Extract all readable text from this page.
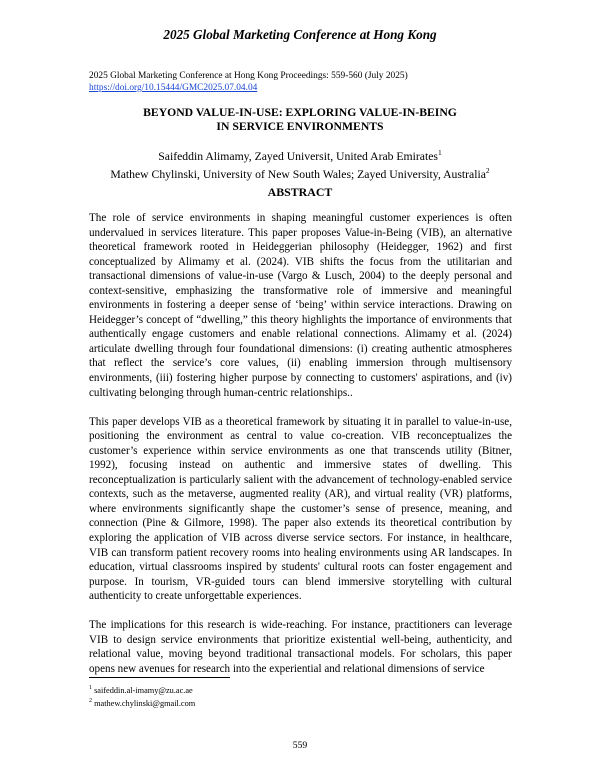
2025 Global Marketing Conference at Hong Kong
2025 Global Marketing Conference at Hong Kong Proceedings: 559-560 (July 2025)
https://doi.org/10.15444/GMC2025.07.04.04
BEYOND VALUE-IN-USE: EXPLORING VALUE-IN-BEING
IN SERVICE ENVIRONMENTS
Saifeddin Alimamy, Zayed Universit, United Arab Emirates$^1$
Mathew Chylinski, University of New South Wales; Zayed University, Australia$^2$
ABSTRACT

The role of service environments in shaping meaningful customer experiences is often undervalued in services literature. This paper proposes Value-in-Being (VIB), an alternative theoretical framework rooted in Heideggerian philosophy (Heidegger, 1962) and first conceptualized by Alimamy et al. (2024). VIB shifts the focus from the utilitarian and transactional dimensions of value-in-use (Vargo & Lusch, 2004) to the deeply personal and context-sensitive, emphasizing the transformative role of immersive and meaningful environments in fostering a deeper sense of ‘being’ within service interactions. Drawing on Heidegger’s concept of “dwelling,” this theory highlights the importance of environments that authentically engage customers and enable relational connections. Alimamy et al. (2024) articulate dwelling through four foundational dimensions: (i) creating authentic atmospheres that reflect the service’s core values, (ii) enabling immersion through multisensory environments, (iii) fostering higher purpose by connecting to customers' aspirations, and (iv) cultivating belonging through human-centric relationships..

This paper develops VIB as a theoretical framework by situating it in parallel to value-in-use, positioning the environment as central to value co-creation. VIB reconceptualizes the customer’s experience within service environments as one that transcends utility (Bitner, 1992), focusing instead on authentic and immersive states of dwelling. This reconceptualization is particularly salient with the advancement of technology-enabled service contexts, such as the metaverse, augmented reality (AR), and virtual reality (VR) platforms, where environments significantly shape the customer’s sense of presence, meaning, and connection (Pine & Gilmore, 1998). The paper also extends its theoretical contribution by exploring the application of VIB across diverse service sectors. For instance, in healthcare, VIB can transform patient recovery rooms into healing environments using AR landscapes. In education, virtual classrooms inspired by students' cultural roots can foster engagement and purpose. In tourism, VR-guided tours can blend immersive storytelling with cultural authenticity to create unforgettable experiences.

The implications for this research is wide-reaching. For instance, practitioners can leverage VIB to design service environments that prioritize existential well-being, authenticity, and relational value, moving beyond traditional transactional models. For scholars, this paper opens new avenues for research into the experiential and relational dimensions of service

$^1$ saifeddin.al-imamy@zu.ac.ae
$^2$ mathew.chylinski@gmail.com
559
